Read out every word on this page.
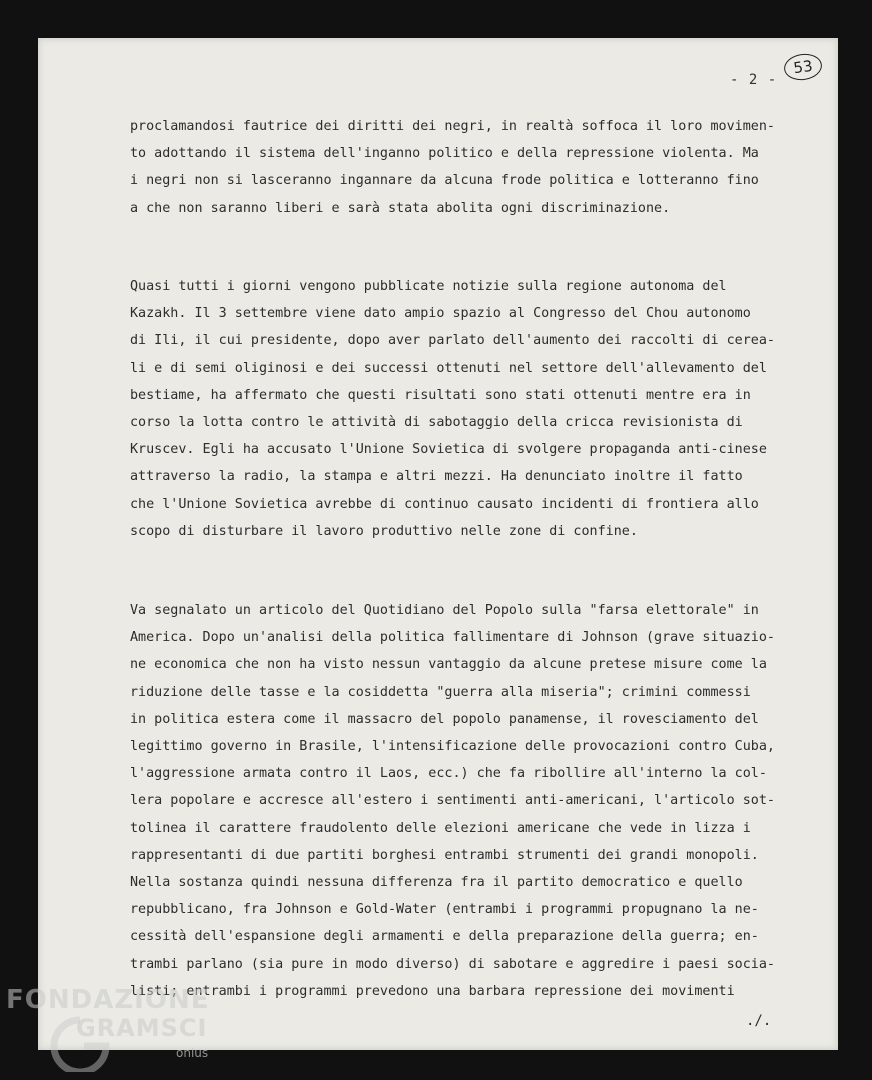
- 2 -
53
proclamandosi fautrice dei diritti dei negri, in realtà soffoca il loro movimen-
to adottando il sistema dell'inganno politico e della repressione violenta. Ma
i negri non si lasceranno ingannare da alcuna frode politica e lotteranno fino
a che non saranno liberi e sarà stata abolita ogni discriminazione.
Quasi tutti i giorni vengono pubblicate notizie sulla regione autonoma del
Kazakh. Il 3 settembre viene dato ampio spazio al Congresso del Chou autonomo
di Ili, il cui presidente, dopo aver parlato dell'aumento dei raccolti di cerea-
li e di semi oliginosi e dei successi ottenuti nel settore dell'allevamento del
bestiame, ha affermato che questi risultati sono stati ottenuti mentre era in
corso la lotta contro le attività di sabotaggio della cricca revisionista di
Kruscev. Egli ha accusato l'Unione Sovietica di svolgere propaganda anti-cinese
attraverso la radio, la stampa e altri mezzi. Ha denunciato inoltre il fatto
che l'Unione Sovietica avrebbe di continuo causato incidenti di frontiera allo
scopo di disturbare il lavoro produttivo nelle zone di confine.
Va segnalato un articolo del Quotidiano del Popolo sulla "farsa elettorale" in
America. Dopo un'analisi della politica fallimentare di Johnson (grave situazio-
ne economica che non ha visto nessun vantaggio da alcune pretese misure come la
riduzione delle tasse e la cosiddetta "guerra alla miseria"; crimini commessi
in politica estera come il massacro del popolo panamense, il rovesciamento del
legittimo governo in Brasile, l'intensificazione delle provocazioni contro Cuba,
l'aggressione armata contro il Laos, ecc.) che fa ribollire all'interno la col-
lera popolare e accresce all'estero i sentimenti anti-americani, l'articolo sot-
tolinea il carattere fraudolento delle elezioni americane che vede in lizza i
rappresentanti di due partiti borghesi entrambi strumenti dei grandi monopoli.
Nella sostanza quindi nessuna differenza fra il partito democratico e quello
repubblicano, fra Johnson e Gold-Water (entrambi i programmi propugnano la ne-
cessità dell'espansione degli armamenti e della preparazione della guerra; en-
trambi parlano (sia pure in modo diverso) di sabotare e aggredire i paesi socia-
listi; entrambi i programmi prevedono una barbara repressione dei movimenti
./.
FONDAZIONE
GRAMSCI
onlus
